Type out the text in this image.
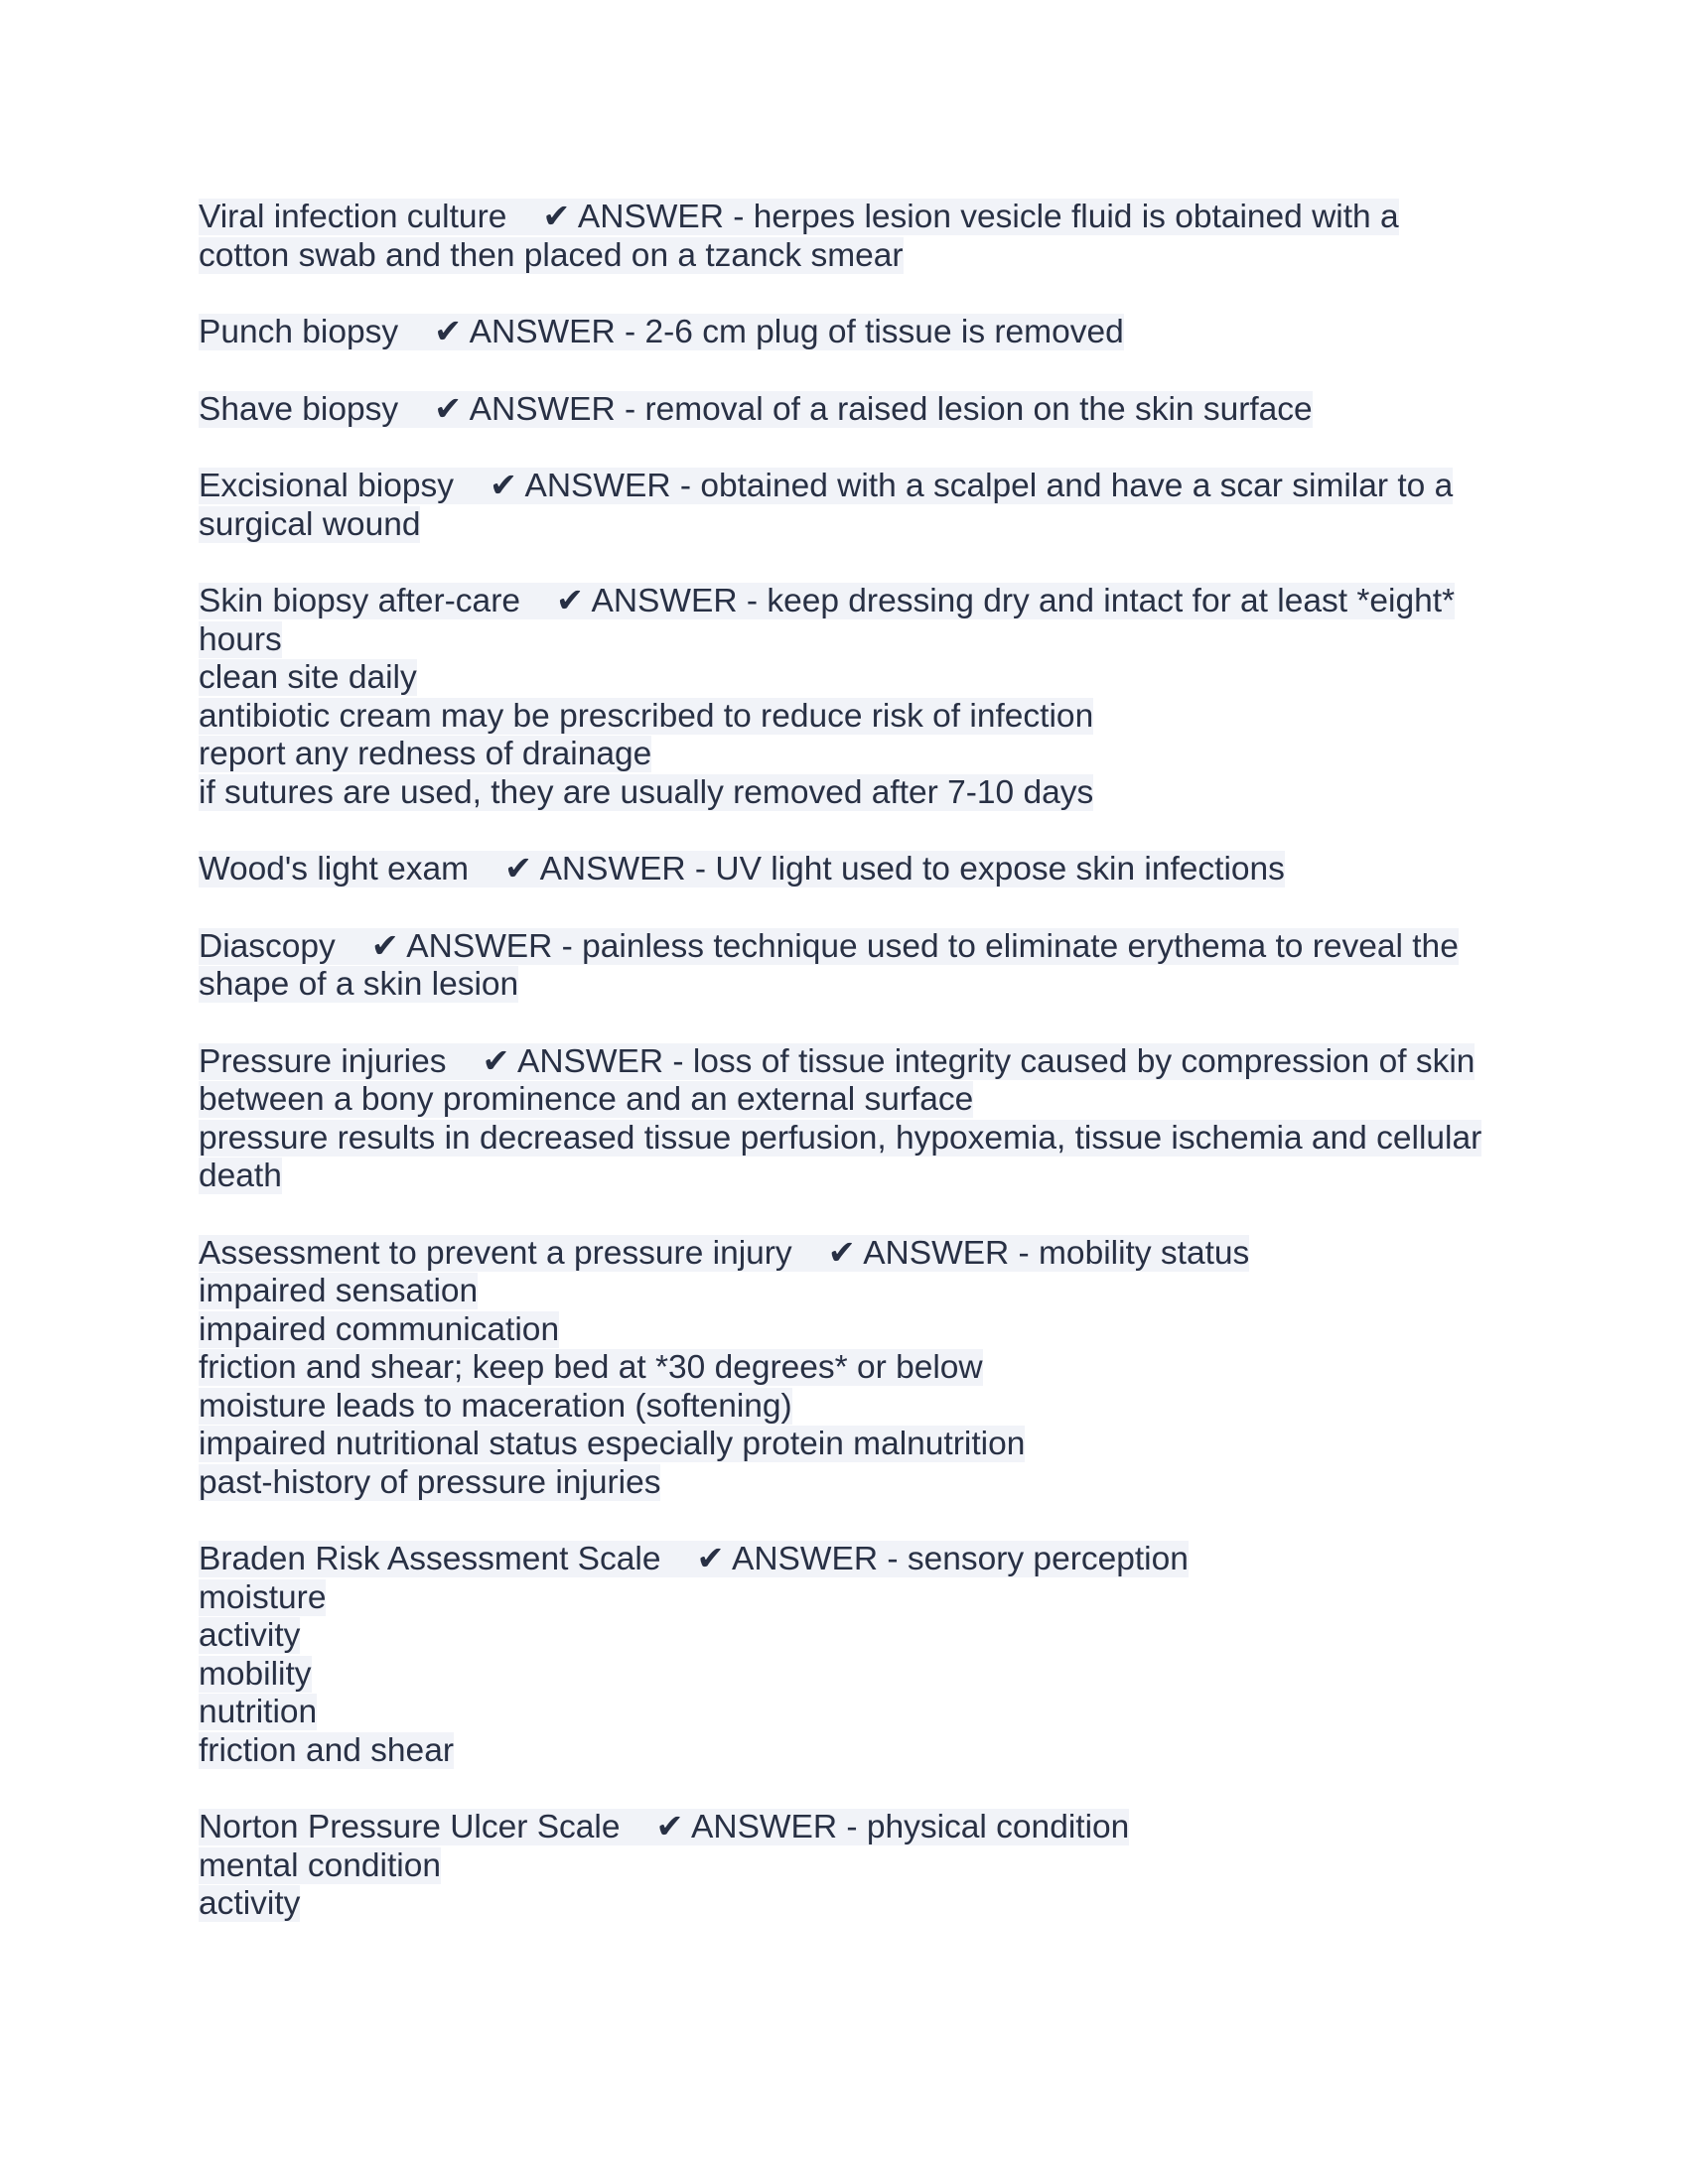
Viral infection culture ✔ ANSWER - herpes lesion vesicle fluid is obtained with a
cotton swab and then placed on a tzanck smear
Punch biopsy ✔ ANSWER - 2-6 cm plug of tissue is removed
Shave biopsy ✔ ANSWER - removal of a raised lesion on the skin surface
Excisional biopsy ✔ ANSWER - obtained with a scalpel and have a scar similar to a
surgical wound
Skin biopsy after-care ✔ ANSWER - keep dressing dry and intact for at least *eight*
hours
clean site daily
antibiotic cream may be prescribed to reduce risk of infection
report any redness of drainage
if sutures are used, they are usually removed after 7-10 days
Wood's light exam ✔ ANSWER - UV light used to expose skin infections
Diascopy ✔ ANSWER - painless technique used to eliminate erythema to reveal the
shape of a skin lesion
Pressure injuries ✔ ANSWER - loss of tissue integrity caused by compression of skin
between a bony prominence and an external surface
pressure results in decreased tissue perfusion, hypoxemia, tissue ischemia and cellular
death
Assessment to prevent a pressure injury ✔ ANSWER - mobility status
impaired sensation
impaired communication
friction and shear; keep bed at *30 degrees* or below
moisture leads to maceration (softening)
impaired nutritional status especially protein malnutrition
past-history of pressure injuries
Braden Risk Assessment Scale ✔ ANSWER - sensory perception
moisture
activity
mobility
nutrition
friction and shear
Norton Pressure Ulcer Scale ✔ ANSWER - physical condition
mental condition
activity
